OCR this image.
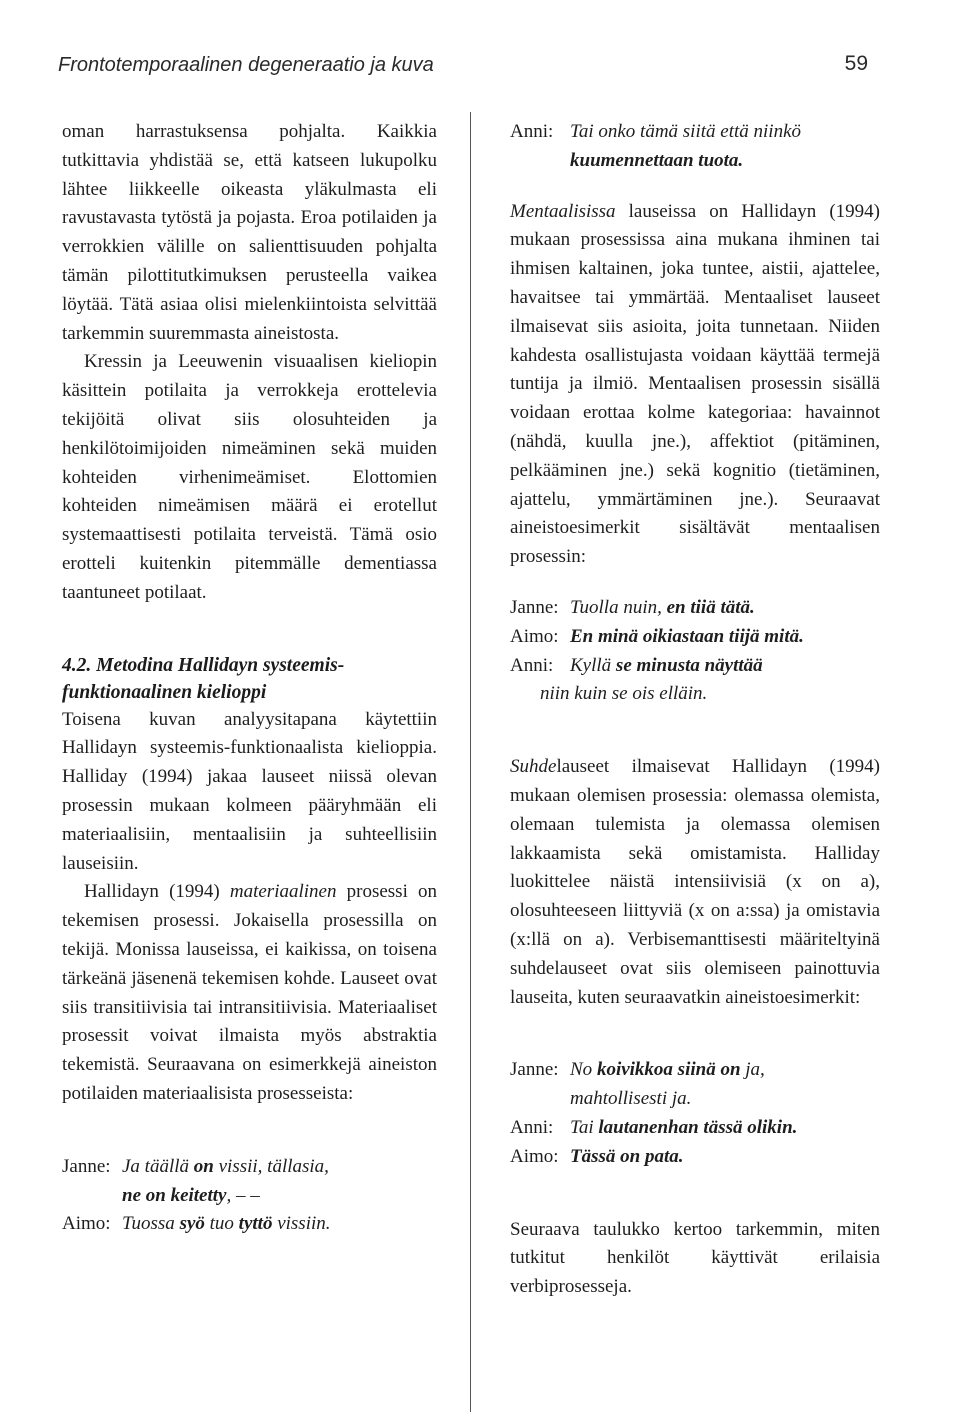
Frontotemporaalinen degeneraatio ja kuva	59

oman harrastuksensa pohjalta. Kaikkia tutkittavia yhdistää se, että katseen lukupolku lähtee liikkeelle oikeasta yläkulmasta eli ravustavasta tytöstä ja pojasta. Eroa potilaiden ja verrokkien välille on salienttisuuden pohjalta tämän pilottitutkimuksen perusteella vaikea löytää. Tätä asiaa olisi mielenkiintoista selvittää tarkemmin suuremmasta aineistosta.

Kressin ja Leeuwenin visuaalisen kieliopin käsittein potilaita ja verrokkeja erottelevia tekijöitä olivat siis olosuhteiden ja henkilötoimijoiden nimeäminen sekä muiden kohteiden virhenimeämiset. Elottomien kohteiden nimeämisen määrä ei erotellut systemaattisesti potilaita terveistä. Tämä osio erotteli kuitenkin pitemmälle dementiassa taantuneet potilaat.

4.2. Metodina Hallidayn systeemis-funktionaalinen kielioppi

Toisena kuvan analyysitapana käytettiin Hallidayn systeemis-funktionaalista kielioppia. Halliday (1994) jakaa lauseet niissä olevan prosessin mukaan kolmeen pääryhmään eli materiaalisiin, mentaalisiin ja suhteellisiin lauseisiin.

Hallidayn (1994) materiaalinen prosessi on tekemisen prosessi. Jokaisella prosessilla on tekijä. Monissa lauseissa, ei kaikissa, on toisena tärkeänä jäsenenä tekemisen kohde. Lauseet ovat siis transitiivisia tai intransitiivisia. Materiaaliset prosessit voivat ilmaista myös abstraktia tekemistä. Seuraavana on esimerkkejä aineiston potilaiden materiaalisista prosesseista:

Janne: Ja täällä on vissii, tällasia,
ne on keitetty, – –
Aimo: Tuossa syö tuo tyttö vissiin.
Anni: Tai onko tämä siitä että niinkö
kuumennettaan tuota.

Mentaalisissa lauseissa on Hallidayn (1994) mukaan prosessissa aina mukana ihminen tai ihmisen kaltainen, joka tuntee, aistii, ajattelee, havaitsee tai ymmärtää. Mentaaliset lauseet ilmaisevat siis asioita, joita tunnetaan. Niiden kahdesta osallistujasta voidaan käyttää termejä tuntija ja ilmiö. Mentaalisen prosessin sisällä voidaan erottaa kolme kategoriaa: havainnot (nähdä, kuulla jne.), affektiot (pitäminen, pelkääminen jne.) sekä kognitio (tietäminen, ajattelu, ymmärtäminen jne.). Seuraavat aineistoesimerkit sisältävät mentaalisen prosessin:

Janne: Tuolla nuin, en tiiä tätä.
Aimo: En minä oikiastaan tiijä mitä.
Anni: Kyllä se minusta näyttää
niin kuin se ois elläin.

Suhdelauseet ilmaisevat Hallidayn (1994) mukaan olemisen prosessia: olemassa olemista, olemaan tulemista ja olemassa olemisen lakkaamista sekä omistamista. Halliday luokittelee näistä intensiivisiä (x on a), olosuhteeseen liittyviä (x on a:ssa) ja omistavia (x:llä on a). Verbisemanttisesti määriteltyinä suhdelauseet ovat siis olemiseen painottuvia lauseita, kuten seuraavatkin aineistoesimerkit:

Janne: No koivikkoa siinä on ja,
mahtollisesti ja.
Anni: Tai lautanenhan tässä olikin.
Aimo: Tässä on pata.

Seuraava taulukko kertoo tarkemmin, miten tutkitut henkilöt käyttivät erilaisia verbiprosesseja.
